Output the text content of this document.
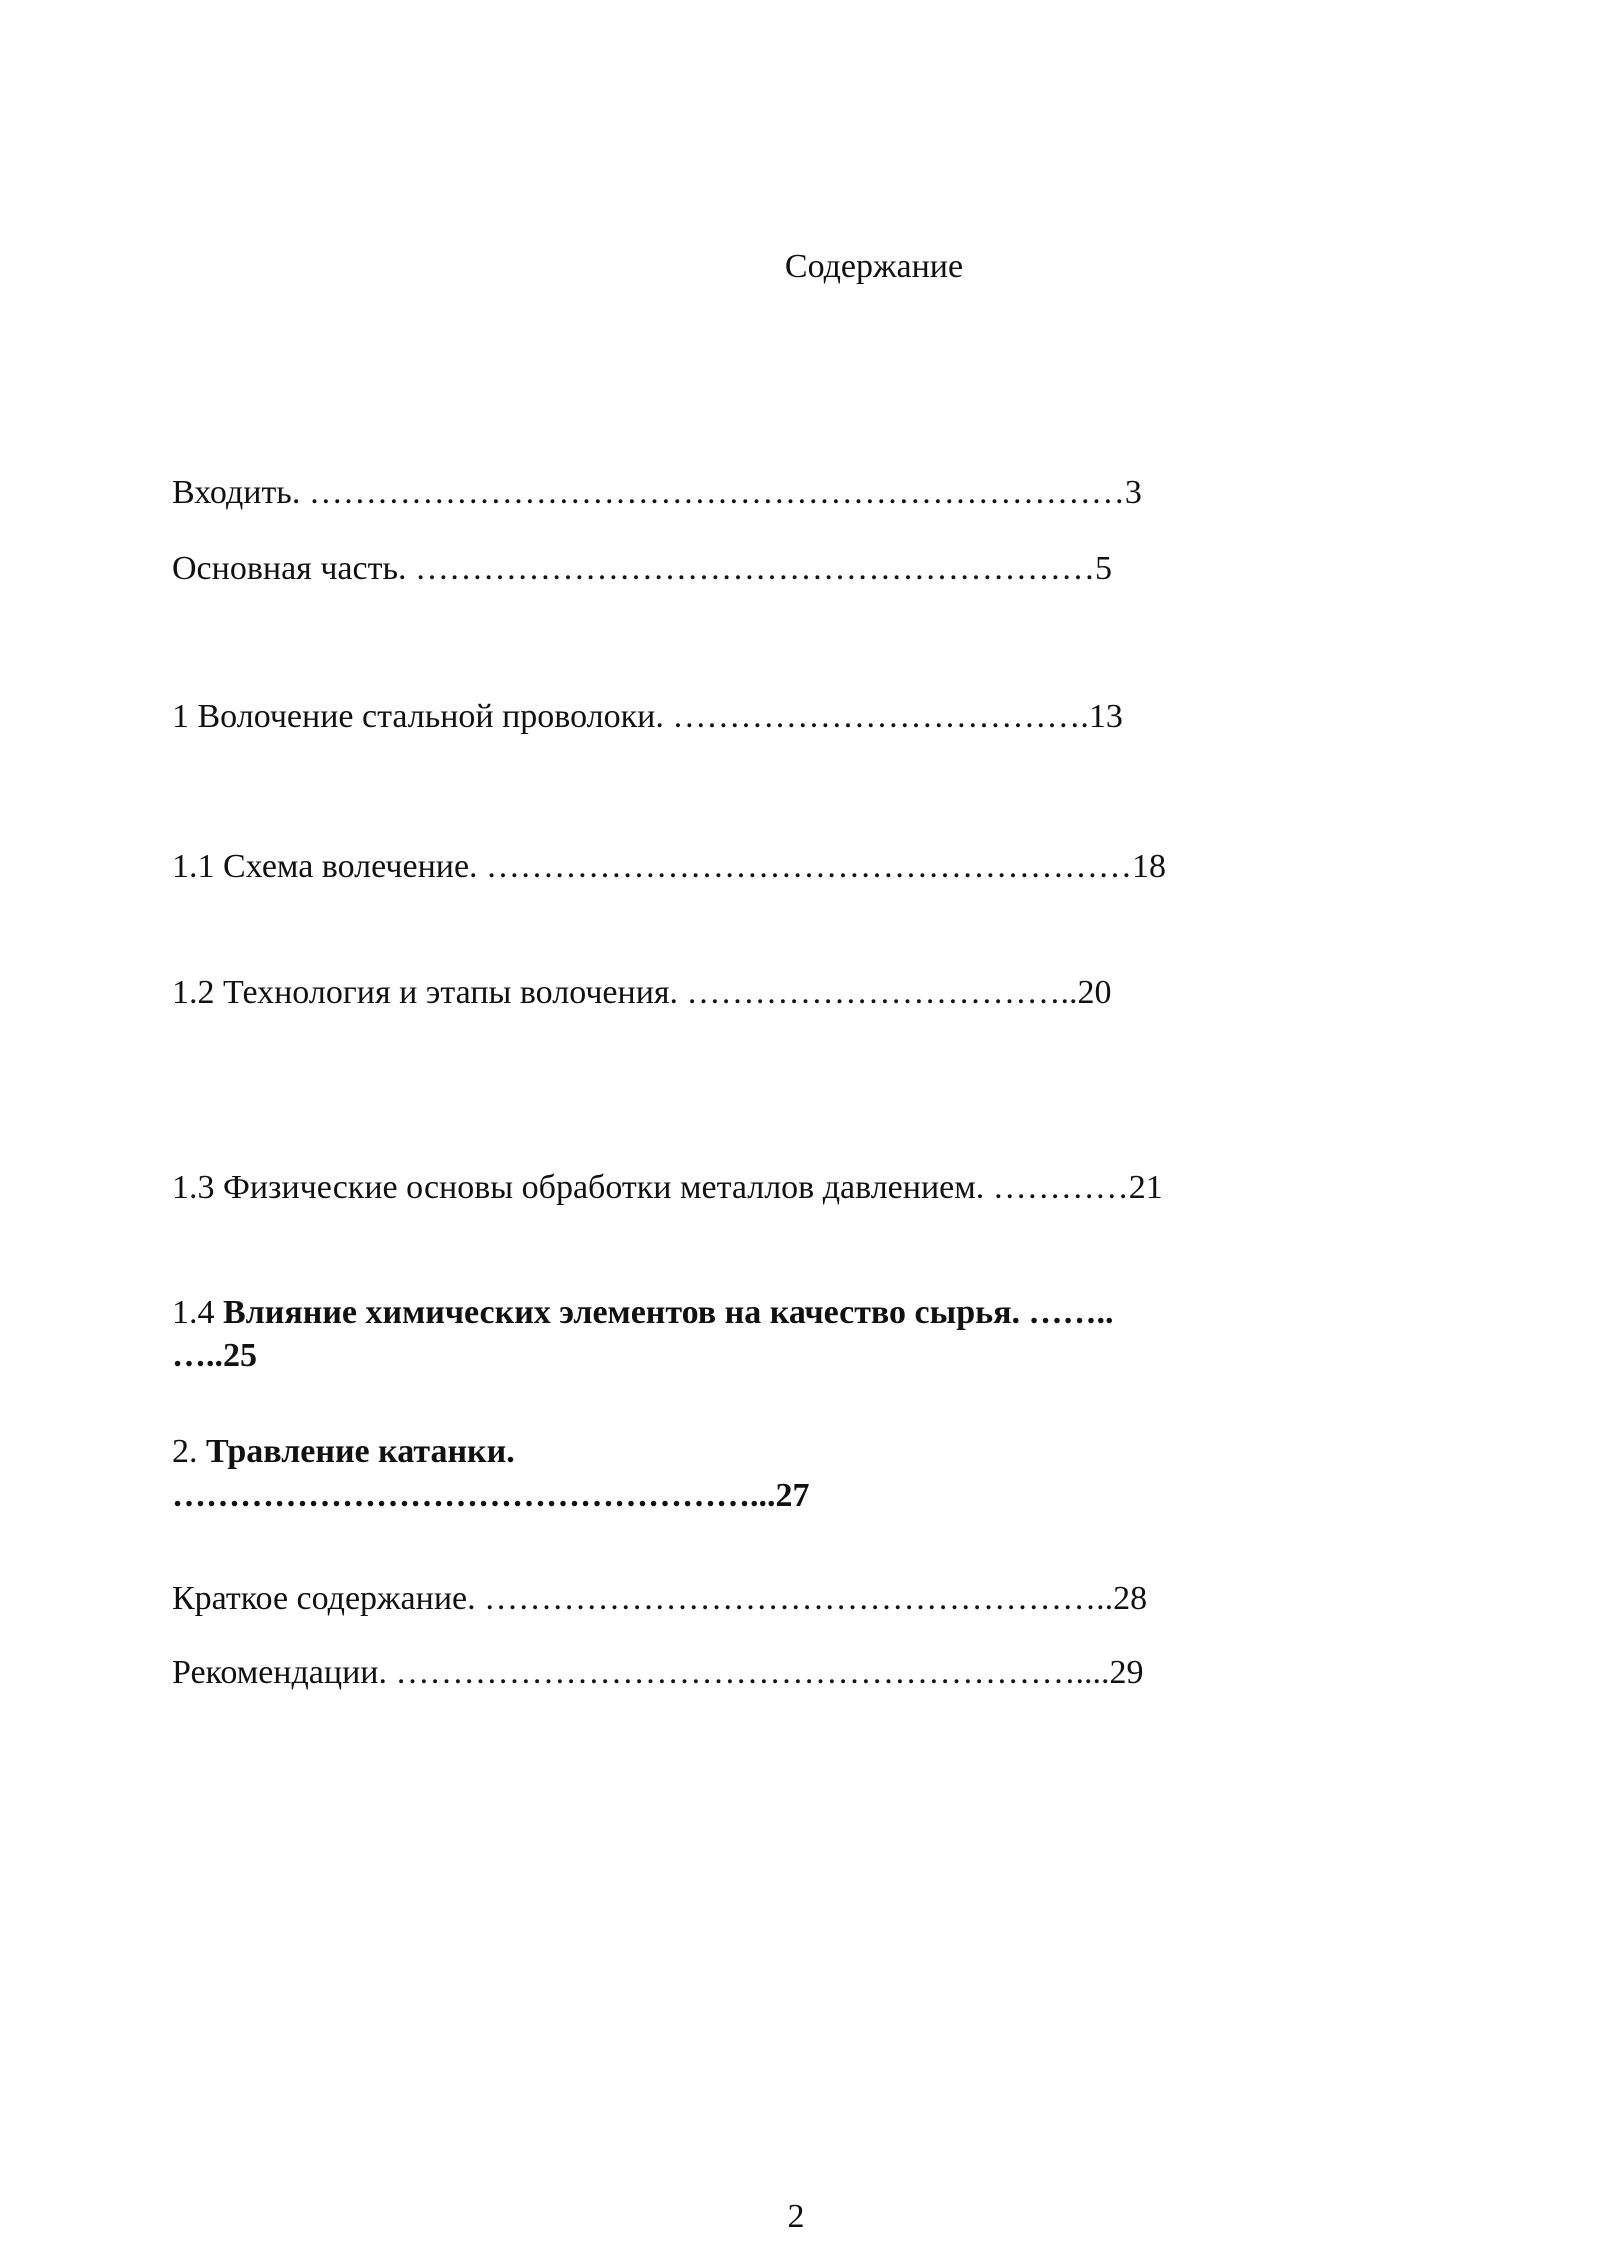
Содержание
Входить. ………………………………………………………………3
Основная часть. ……………………………………………………5
1 Волочение стальной проволоки. ……………………………….13
1.1 Схема волечение. …………………………………………………18
1.2 Технология и этапы волочения. ……………………………..20
1.3 Физические основы обработки металлов давлением. …………21
1.4 Влияние химических элементов на качество сырья. ……..
…..25
2. Травление катанки.
……………………………………………...27
Краткое содержание. ………………………………………………..28
Рекомендации. ……………………………………………………....29
2
